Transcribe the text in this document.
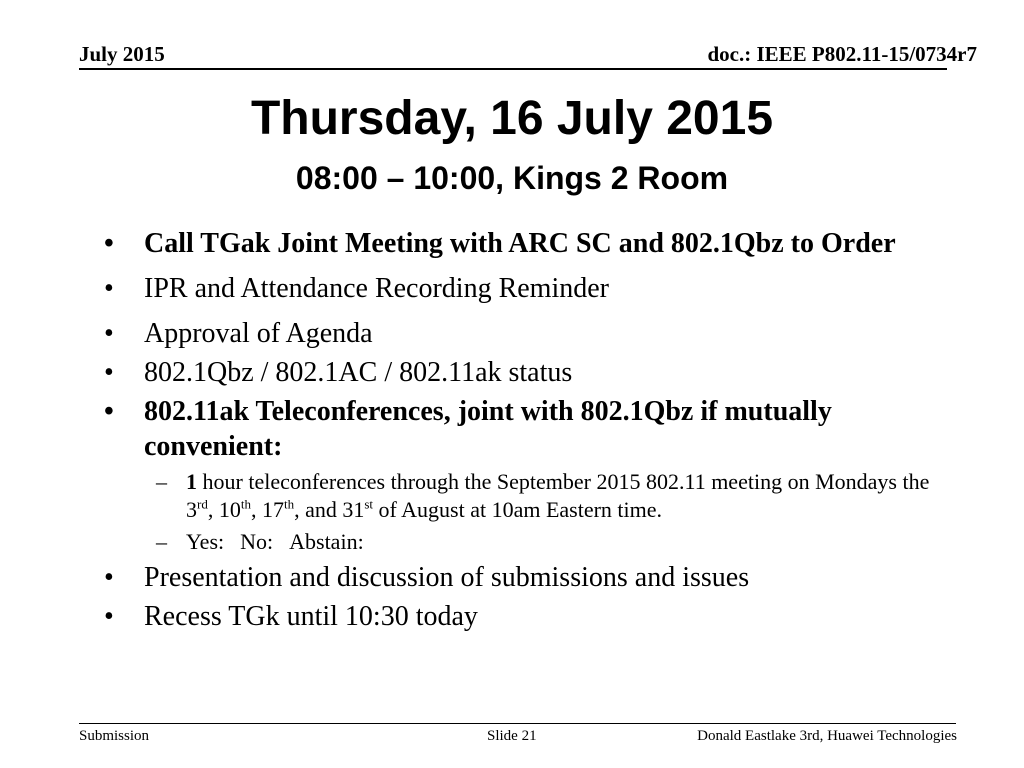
July 2015	doc.: IEEE P802.11-15/0734r7
Thursday, 16 July 2015
08:00 – 10:00, Kings 2 Room
• Call TGak Joint Meeting with ARC SC and 802.1Qbz to Order
• IPR and Attendance Recording Reminder
• Approval of Agenda
• 802.1Qbz / 802.1AC / 802.11ak status
• 802.11ak Teleconferences, joint with 802.1Qbz if mutually convenient:
– 1 hour teleconferences through the September 2015 802.11 meeting on Mondays the 3rd, 10th, 17th, and 31st of August at 10am Eastern time.
– Yes: No: Abstain:
• Presentation and discussion of submissions and issues
• Recess TGk until 10:30 today
Submission	Slide 21	Donald Eastlake 3rd, Huawei Technologies
